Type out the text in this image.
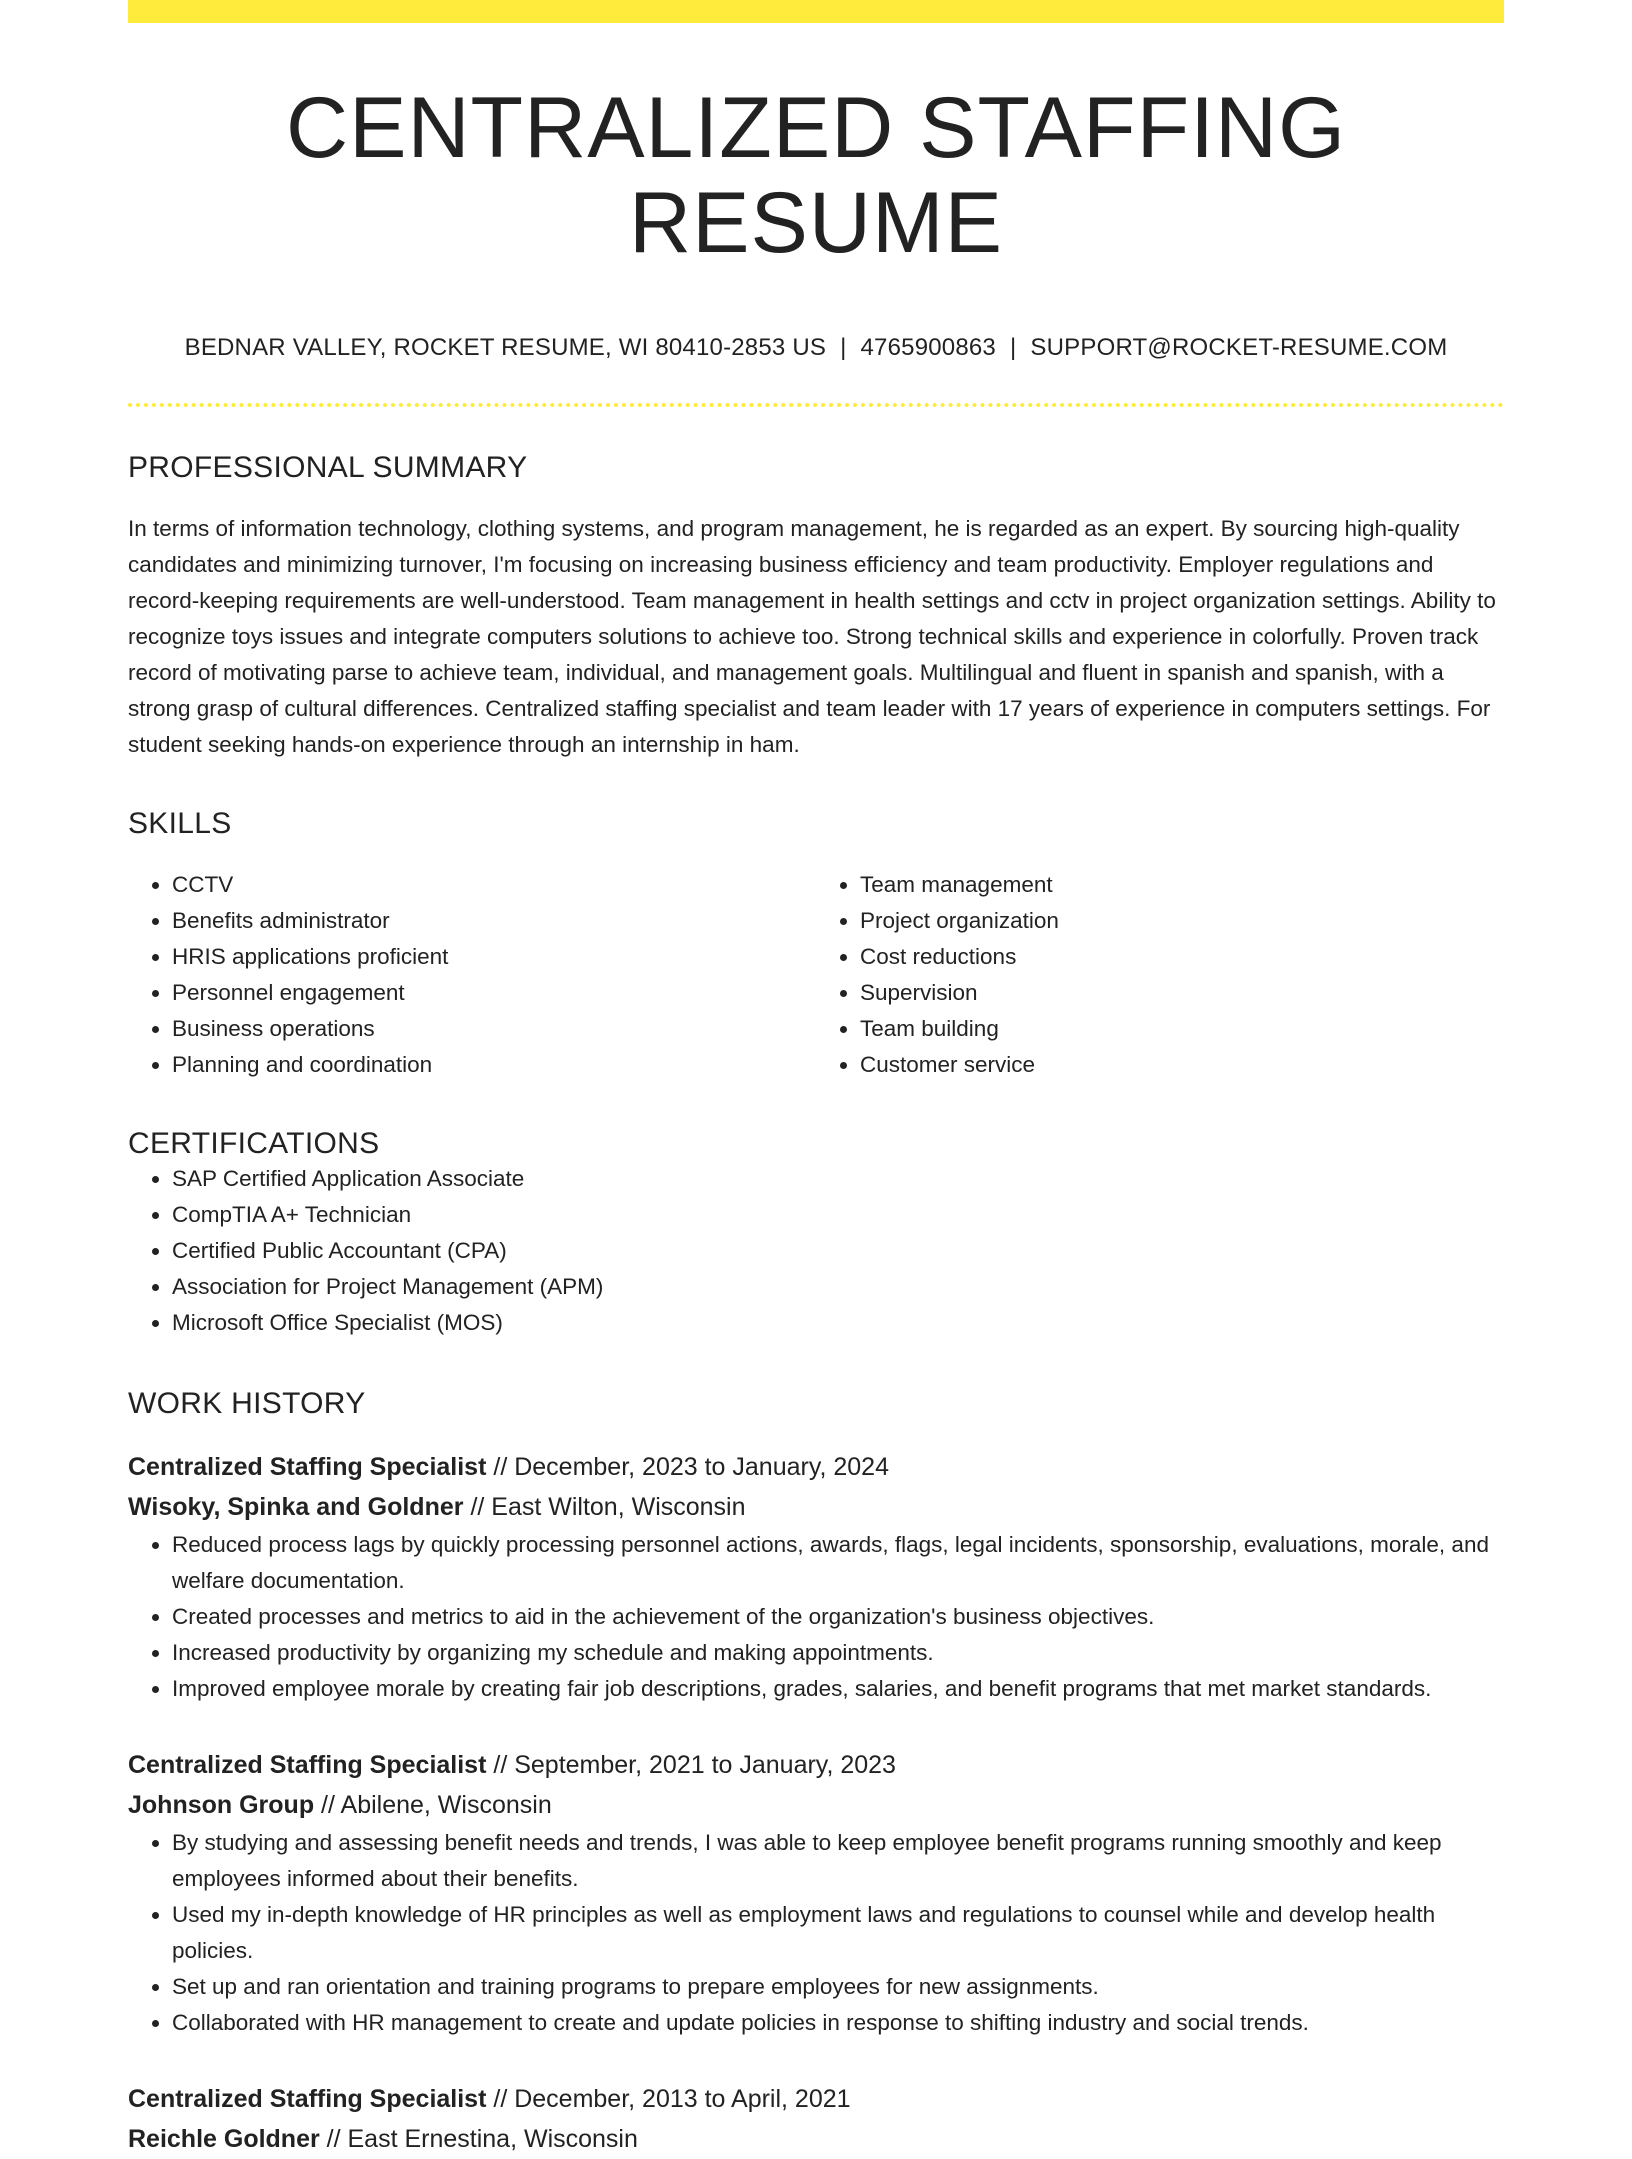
CENTRALIZED STAFFING RESUME
BEDNAR VALLEY, ROCKET RESUME, WI 80410-2853 US | 4765900863 | SUPPORT@ROCKET-RESUME.COM
PROFESSIONAL SUMMARY

In terms of information technology, clothing systems, and program management, he is regarded as an expert. By sourcing high-quality candidates and minimizing turnover, I'm focusing on increasing business efficiency and team productivity. Employer regulations and record-keeping requirements are well-understood. Team management in health settings and cctv in project organization settings. Ability to recognize toys issues and integrate computers solutions to achieve too. Strong technical skills and experience in colorfully. Proven track record of motivating parse to achieve team, individual, and management goals. Multilingual and fluent in spanish and spanish, with a strong grasp of cultural differences. Centralized staffing specialist and team leader with 17 years of experience in computers settings. For student seeking hands-on experience through an internship in ham.

SKILLS
• CCTV
• Benefits administrator
• HRIS applications proficient
• Personnel engagement
• Business operations
• Planning and coordination
• Team management
• Project organization
• Cost reductions
• Supervision
• Team building
• Customer service
CERTIFICATIONS
• SAP Certified Application Associate
• CompTIA A+ Technician
• Certified Public Accountant (CPA)
• Association for Project Management (APM)
• Microsoft Office Specialist (MOS)
WORK HISTORY
Centralized Staffing Specialist // December, 2023 to January, 2024
Wisoky, Spinka and Goldner // East Wilton, Wisconsin
• Reduced process lags by quickly processing personnel actions, awards, flags, legal incidents, sponsorship, evaluations, morale, and welfare documentation.
• Created processes and metrics to aid in the achievement of the organization's business objectives.
• Increased productivity by organizing my schedule and making appointments.
• Improved employee morale by creating fair job descriptions, grades, salaries, and benefit programs that met market standards.
Centralized Staffing Specialist // September, 2021 to January, 2023
Johnson Group // Abilene, Wisconsin
• By studying and assessing benefit needs and trends, I was able to keep employee benefit programs running smoothly and keep employees informed about their benefits.
• Used my in-depth knowledge of HR principles as well as employment laws and regulations to counsel while and develop health policies.
• Set up and ran orientation and training programs to prepare employees for new assignments.
• Collaborated with HR management to create and update policies in response to shifting industry and social trends.
Centralized Staffing Specialist // December, 2013 to April, 2021
Reichle Goldner // East Ernestina, Wisconsin
